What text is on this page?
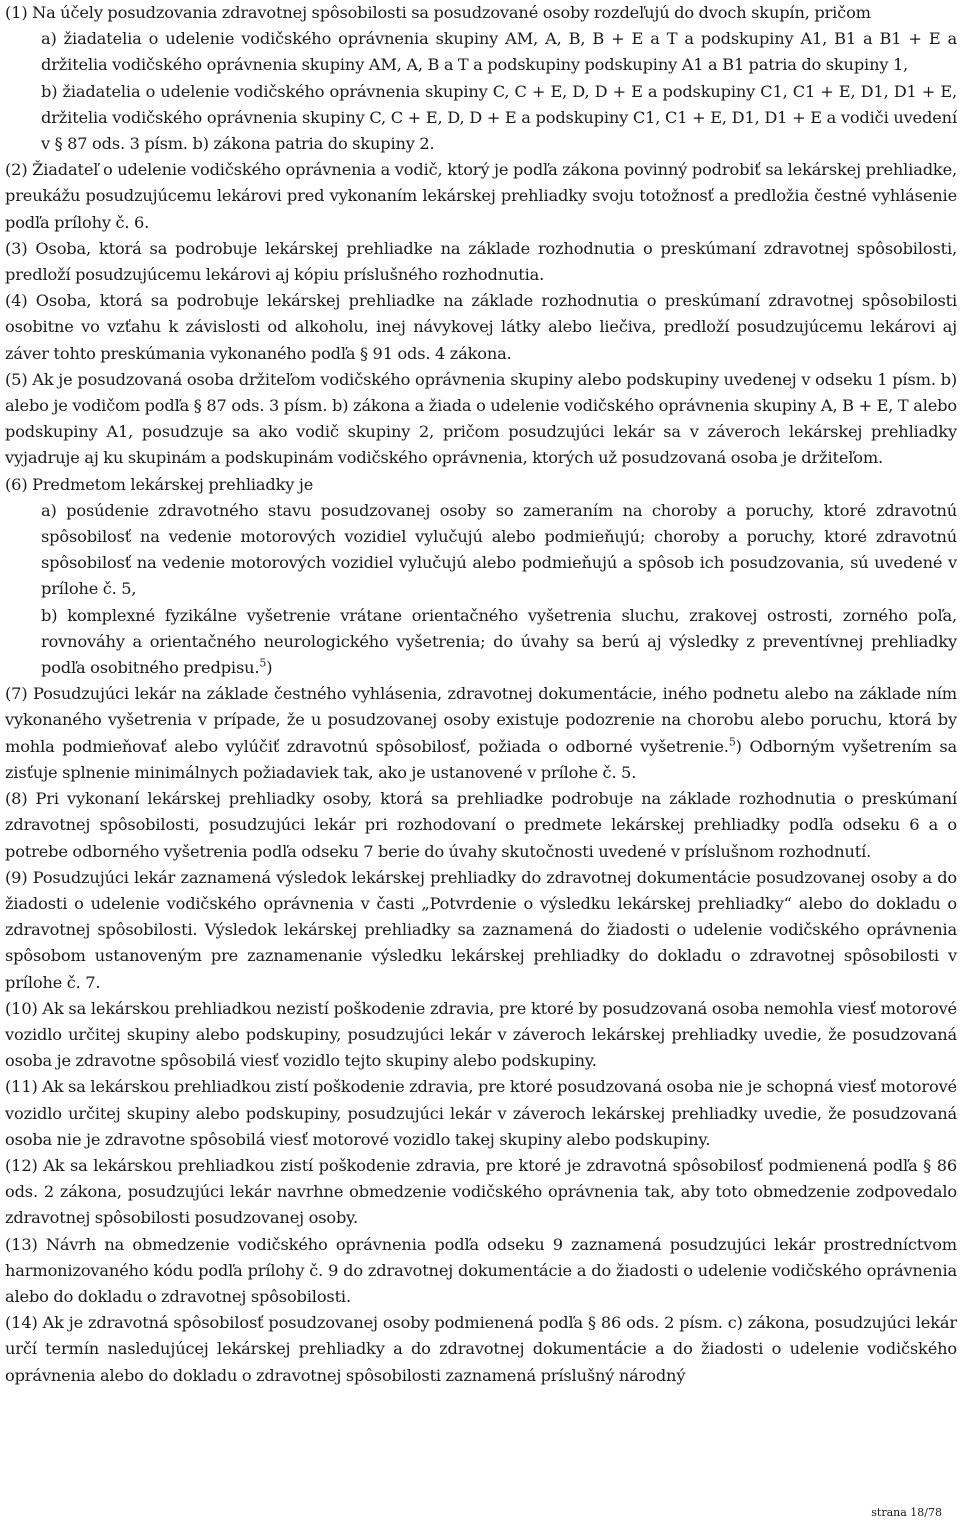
(1) Na účely posudzovania zdravotnej spôsobilosti sa posudzované osoby rozdeľujú do dvoch skupín, pričom

a) žiadatelia o udelenie vodičského oprávnenia skupiny AM, A, B, B + E a T a podskupiny A1, B1 a B1 + E a držitelia vodičského oprávnenia skupiny AM, A, B a T a podskupiny podskupiny A1 a B1 patria do skupiny 1,

b) žiadatelia o udelenie vodičského oprávnenia skupiny C, C + E, D, D + E a podskupiny C1, C1 + E, D1, D1 + E, držitelia vodičského oprávnenia skupiny C, C + E, D, D + E a podskupiny C1, C1 + E, D1, D1 + E a vodiči uvedení v § 87 ods. 3 písm. b) zákona patria do skupiny 2.

(2) Žiadateľ o udelenie vodičského oprávnenia a vodič, ktorý je podľa zákona povinný podrobiť sa lekárskej prehliadke, preukážu posudzujúcemu lekárovi pred vykonaním lekárskej prehliadky svoju totožnosť a predložia čestné vyhlásenie podľa prílohy č. 6.

(3) Osoba, ktorá sa podrobuje lekárskej prehliadke na základe rozhodnutia o preskúmaní zdravotnej spôsobilosti, predloží posudzujúcemu lekárovi aj kópiu príslušného rozhodnutia.

(4) Osoba, ktorá sa podrobuje lekárskej prehliadke na základe rozhodnutia o preskúmaní zdravotnej spôsobilosti osobitne vo vzťahu k závislosti od alkoholu, inej návykovej látky alebo liečiva, predloží posudzujúcemu lekárovi aj záver tohto preskúmania vykonaného podľa § 91 ods. 4 zákona.

(5) Ak je posudzovaná osoba držiteľom vodičského oprávnenia skupiny alebo podskupiny uvedenej v odseku 1 písm. b) alebo je vodičom podľa § 87 ods. 3 písm. b) zákona a žiada o udelenie vodičského oprávnenia skupiny A, B + E, T alebo podskupiny A1, posudzuje sa ako vodič skupiny 2, pričom posudzujúci lekár sa v záveroch lekárskej prehliadky vyjadruje aj ku skupinám a podskupinám vodičského oprávnenia, ktorých už posudzovaná osoba je držiteľom.

(6) Predmetom lekárskej prehliadky je

a) posúdenie zdravotného stavu posudzovanej osoby so zameraním na choroby a poruchy, ktoré zdravotnú spôsobilosť na vedenie motorových vozidiel vylučujú alebo podmieňujú; choroby a poruchy, ktoré zdravotnú spôsobilosť na vedenie motorových vozidiel vylučujú alebo podmieňujú a spôsob ich posudzovania, sú uvedené v prílohe č. 5,

b) komplexné fyzikálne vyšetrenie vrátane orientačného vyšetrenia sluchu, zrakovej ostrosti, zorného poľa, rovnováhy a orientačného neurologického vyšetrenia; do úvahy sa berú aj výsledky z preventívnej prehliadky podľa osobitného predpisu.$^5$)

(7) Posudzujúci lekár na základe čestného vyhlásenia, zdravotnej dokumentácie, iného podnetu alebo na základe ním vykonaného vyšetrenia v prípade, že u posudzovanej osoby existuje podozrenie na chorobu alebo poruchu, ktorá by mohla podmieňovať alebo vylúčiť zdravotnú spôsobilosť, požiada o odborné vyšetrenie.$^5$) Odborným vyšetrením sa zisťuje splnenie minimálnych požiadaviek tak, ako je ustanovené v prílohe č. 5.

(8) Pri vykonaní lekárskej prehliadky osoby, ktorá sa prehliadke podrobuje na základe rozhodnutia o preskúmaní zdravotnej spôsobilosti, posudzujúci lekár pri rozhodovaní o predmete lekárskej prehliadky podľa odseku 6 a o potrebe odborného vyšetrenia podľa odseku 7 berie do úvahy skutočnosti uvedené v príslušnom rozhodnutí.

(9) Posudzujúci lekár zaznamená výsledok lekárskej prehliadky do zdravotnej dokumentácie posudzovanej osoby a do žiadosti o udelenie vodičského oprávnenia v časti „Potvrdenie o výsledku lekárskej prehliadky“ alebo do dokladu o zdravotnej spôsobilosti. Výsledok lekárskej prehliadky sa zaznamená do žiadosti o udelenie vodičského oprávnenia spôsobom ustanoveným pre zaznamenanie výsledku lekárskej prehliadky do dokladu o zdravotnej spôsobilosti v prílohe č. 7.

(10) Ak sa lekárskou prehliadkou nezistí poškodenie zdravia, pre ktoré by posudzovaná osoba nemohla viesť motorové vozidlo určitej skupiny alebo podskupiny, posudzujúci lekár v záveroch lekárskej prehliadky uvedie, že posudzovaná osoba je zdravotne spôsobilá viesť vozidlo tejto skupiny alebo podskupiny.

(11) Ak sa lekárskou prehliadkou zistí poškodenie zdravia, pre ktoré posudzovaná osoba nie je schopná viesť motorové vozidlo určitej skupiny alebo podskupiny, posudzujúci lekár v záveroch lekárskej prehliadky uvedie, že posudzovaná osoba nie je zdravotne spôsobilá viesť motorové vozidlo takej skupiny alebo podskupiny.

(12) Ak sa lekárskou prehliadkou zistí poškodenie zdravia, pre ktoré je zdravotná spôsobilosť podmienená podľa § 86 ods. 2 zákona, posudzujúci lekár navrhne obmedzenie vodičského oprávnenia tak, aby toto obmedzenie zodpovedalo zdravotnej spôsobilosti posudzovanej osoby.

(13) Návrh na obmedzenie vodičského oprávnenia podľa odseku 9 zaznamená posudzujúci lekár prostredníctvom harmonizovaného kódu podľa prílohy č. 9 do zdravotnej dokumentácie a do žiadosti o udelenie vodičského oprávnenia alebo do dokladu o zdravotnej spôsobilosti.

(14) Ak je zdravotná spôsobilosť posudzovanej osoby podmienená podľa § 86 ods. 2 písm. c) zákona, posudzujúci lekár určí termín nasledujúcej lekárskej prehliadky a do zdravotnej dokumentácie a do žiadosti o udelenie vodičského oprávnenia alebo do dokladu o zdravotnej spôsobilosti zaznamená príslušný národný

strana 18/78
